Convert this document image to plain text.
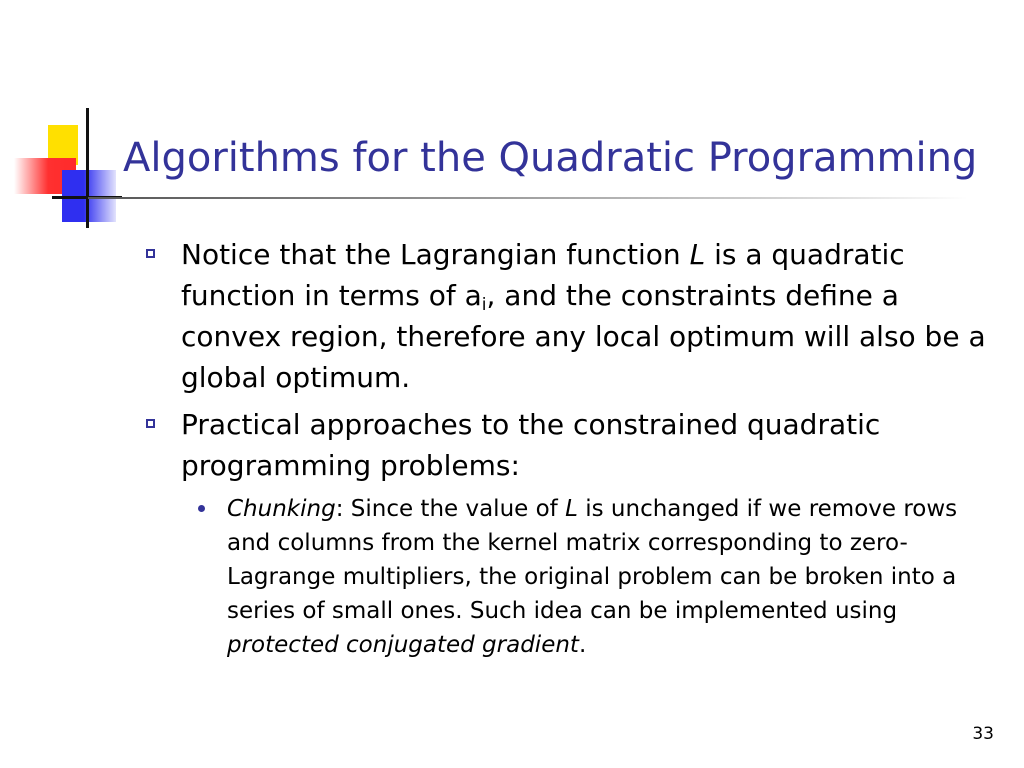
Algorithms for the Quadratic Programming
Notice that the Lagrangian function L is a quadratic function in terms of $a_i$, and the constraints define a convex region, therefore any local optimum will also be a global optimum.
Practical approaches to the constrained quadratic programming problems:
Chunking: Since the value of L is unchanged if we remove rows and columns from the kernel matrix corresponding to zero-Lagrange multipliers, the original problem can be broken into a series of small ones. Such idea can be implemented using protected conjugated gradient.
33
